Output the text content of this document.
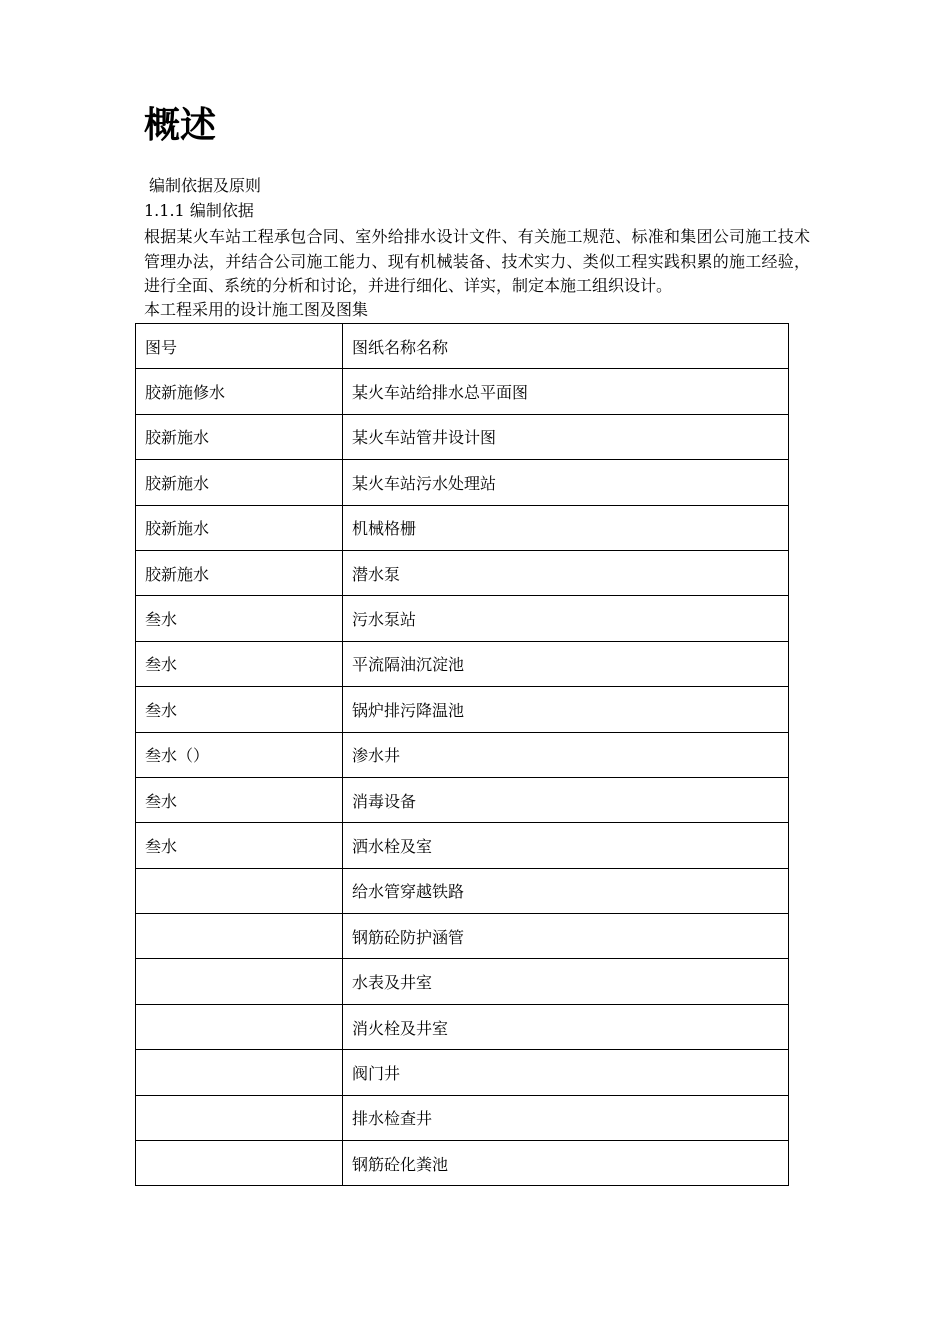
概述
编制依据及原则
1.1.1 编制依据

根据某火车站工程承包合同、室外给排水设计文件、有关施工规范、标准和集团公司施工技术管理办法，并结合公司施工能力、现有机械装备、技术实力、类似工程实践积累的施工经验，进行全面、系统的分析和讨论，并进行细化、详实，制定本施工组织设计。

本工程采用的设计施工图及图集
图号	图纸名称名称
胶新施修水	某火车站给排水总平面图
胶新施水	某火车站管井设计图
胶新施水	某火车站污水处理站
胶新施水	机械格栅
胶新施水	潜水泵
叁水	污水泵站
叁水	平流隔油沉淀池
叁水	锅炉排污降温池
叁水（）	渗水井
叁水	消毒设备
叁水	洒水栓及室
	给水管穿越铁路
	钢筋砼防护涵管
	水表及井室
	消火栓及井室
	阀门井
	排水检查井
	钢筋砼化粪池
